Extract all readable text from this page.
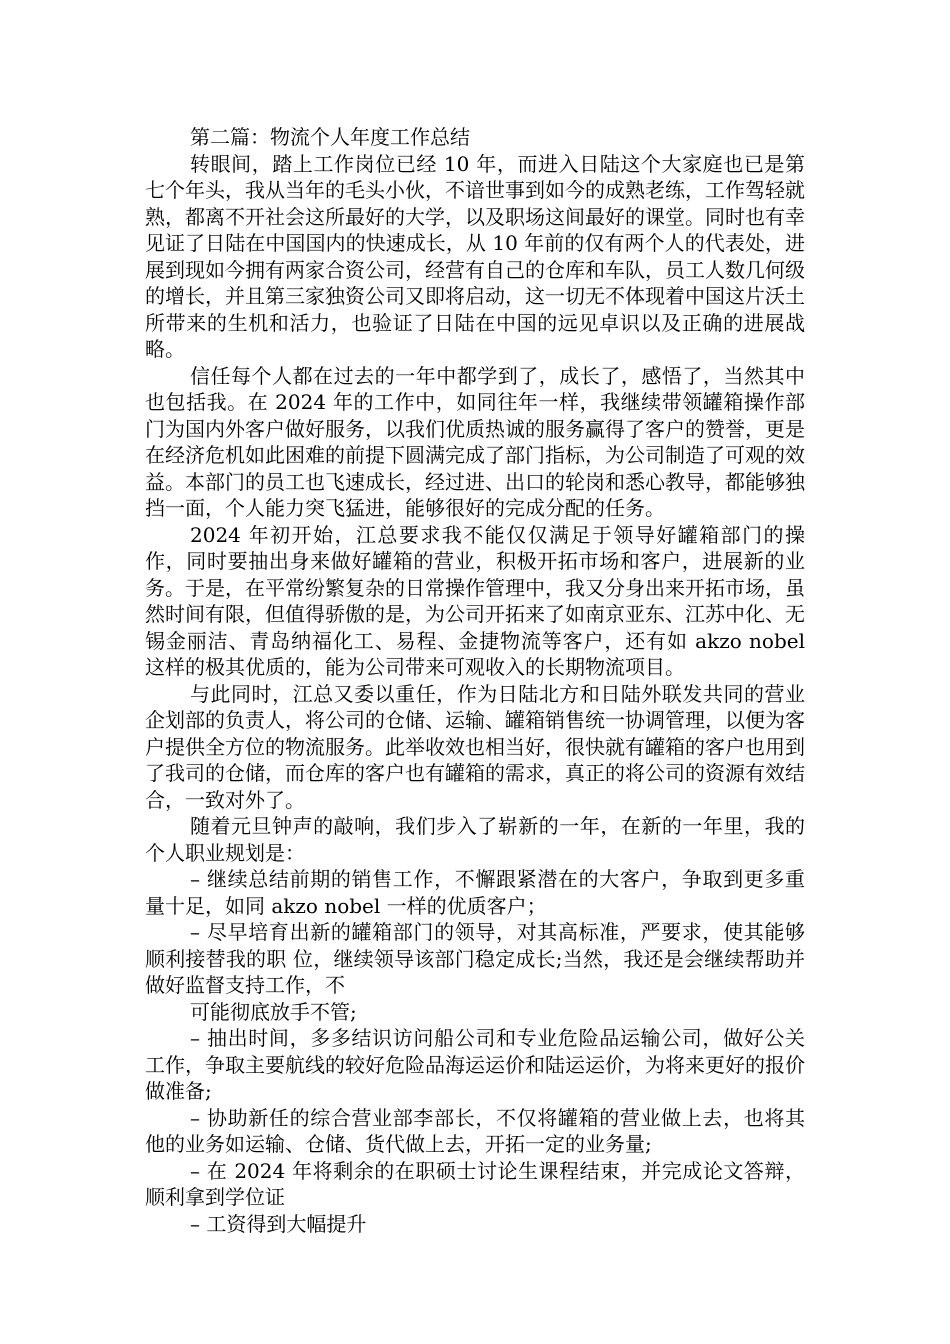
第二篇：物流个人年度工作总结

转眼间，踏上工作岗位已经 10 年，而进入日陆这个大家庭也已是第七个年头，我从当年的毛头小伙，不谙世事到如今的成熟老练，工作驾轻就熟，都离不开社会这所最好的大学，以及职场这间最好的课堂。同时也有幸见证了日陆在中国国内的快速成长，从 10 年前的仅有两个人的代表处，进展到现如今拥有两家合资公司，经营有自己的仓库和车队，员工人数几何级的增长，并且第三家独资公司又即将启动，这一切无不体现着中国这片沃土所带来的生机和活力，也验证了日陆在中国的远见卓识以及正确的进展战略。

信任每个人都在过去的一年中都学到了，成长了，感悟了，当然其中也包括我。在 2024 年的工作中，如同往年一样，我继续带领罐箱操作部门为国内外客户做好服务，以我们优质热诚的服务赢得了客户的赞誉，更是在经济危机如此困难的前提下圆满完成了部门指标，为公司制造了可观的效益。本部门的员工也飞速成长，经过进、出口的轮岗和悉心教导，都能够独挡一面，个人能力突飞猛进，能够很好的完成分配的任务。

2024 年初开始，江总要求我不能仅仅满足于领导好罐箱部门的操作，同时要抽出身来做好罐箱的营业，积极开拓市场和客户，进展新的业务。于是，在平常纷繁复杂的日常操作管理中，我又分身出来开拓市场，虽然时间有限，但值得骄傲的是，为公司开拓来了如南京亚东、江苏中化、无锡金丽洁、青岛纳福化工、易程、金捷物流等客户，还有如 akzo nobel 这样的极其优质的，能为公司带来可观收入的长期物流项目。

与此同时，江总又委以重任，作为日陆北方和日陆外联发共同的营业企划部的负责人，将公司的仓储、运输、罐箱销售统一协调管理，以便为客户提供全方位的物流服务。此举收效也相当好，很快就有罐箱的客户也用到了我司的仓储，而仓库的客户也有罐箱的需求，真正的将公司的资源有效结合，一致对外了。

随着元旦钟声的敲响，我们步入了崭新的一年，在新的一年里，我的个人职业规划是：

– 继续总结前期的销售工作，不懈跟紧潜在的大客户，争取到更多重量十足，如同 akzo nobel 一样的优质客户；

– 尽早培育出新的罐箱部门的领导，对其高标准，严要求，使其能够顺利接替我的职 位，继续领导该部门稳定成长;当然，我还是会继续帮助并做好监督支持工作，不

可能彻底放手不管;

– 抽出时间，多多结识访问船公司和专业危险品运输公司，做好公关工作，争取主要航线的较好危险品海运运价和陆运运价，为将来更好的报价做准备;

– 协助新任的综合营业部李部长，不仅将罐箱的营业做上去，也将其他的业务如运输、仓储、货代做上去，开拓一定的业务量;

– 在 2024 年将剩余的在职硕士讨论生课程结束，并完成论文答辩，顺利拿到学位证

– 工资得到大幅提升
